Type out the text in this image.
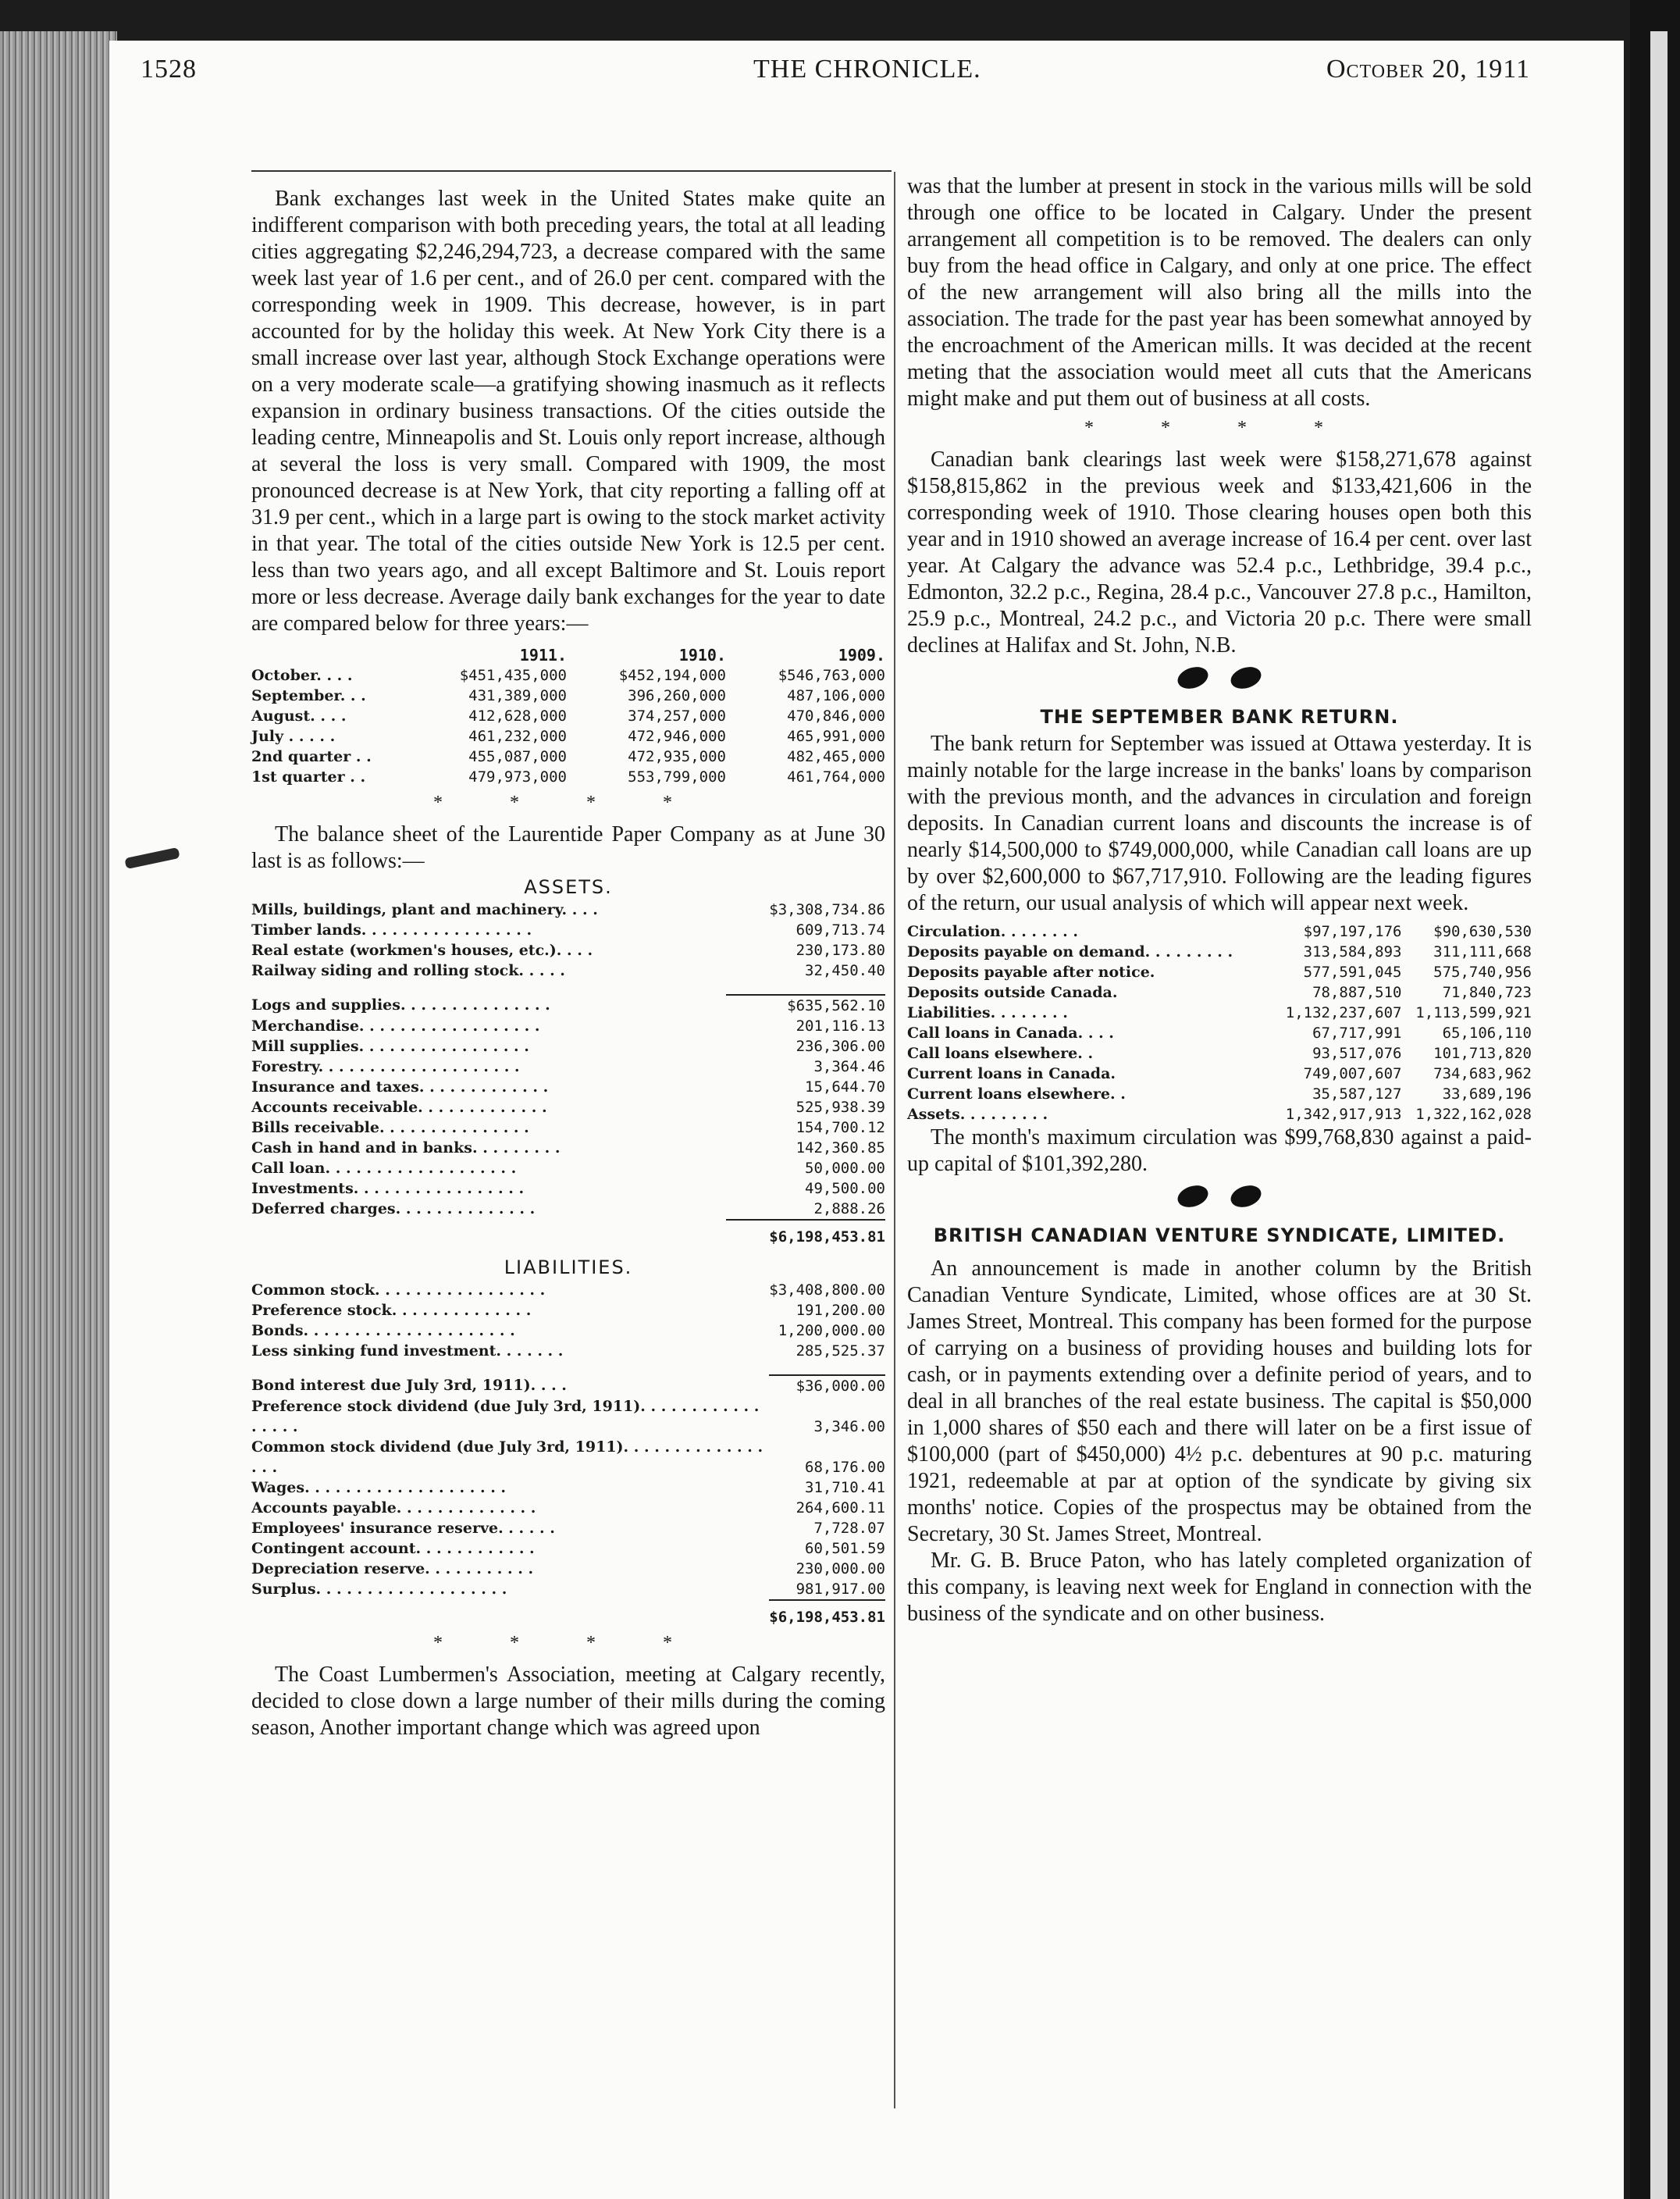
1528	THE CHRONICLE.	October 20, 1911

Bank exchanges last week in the United States make quite an indifferent comparison with both preceding years, the total at all leading cities aggregating $2,246,294,723, a decrease compared with the same week last year of 1.6 per cent., and of 26.0 per cent. compared with the corresponding week in 1909. This decrease, however, is in part accounted for by the holiday this week. At New York City there is a small increase over last year, although Stock Exchange operations were on a very moderate scale—a gratifying showing inasmuch as it reflects expansion in ordinary business transactions. Of the cities outside the leading centre, Minneapolis and St. Louis only report increase, although at several the loss is very small. Compared with 1909, the most pronounced decrease is at New York, that city reporting a falling off at 31.9 per cent., which in a large part is owing to the stock market activity in that year. The total of the cities outside New York is 12.5 per cent. less than two years ago, and all except Baltimore and St. Louis report more or less decrease. Average daily bank exchanges for the year to date are compared below for three years:—

	1911.	1910.	1909.
October. . . .	$451,435,000	$452,194,000	$546,763,000
September. . .	431,389,000	396,260,000	487,106,000
August. . . .	412,628,000	374,257,000	470,846,000
July . . . . .	461,232,000	472,946,000	465,991,000
2nd quarter . .	455,087,000	472,935,000	482,465,000
1st quarter . .	479,973,000	553,799,000	461,764,000
* * * *

The balance sheet of the Laurentide Paper Company as at June 30 last is as follows:—

ASSETS.
Mills, buildings, plant and machinery. . . .	$3,308,734.86
Timber lands. . . . . . . . . . . . . . . . .	609,713.74
Real estate (workmen's houses, etc.). . . .	230,173.80
Railway siding and rolling stock. . . . .	32,450.40

Logs and supplies. . . . . . . . . . . . . . .	$635,562.10
Merchandise. . . . . . . . . . . . . . . . . .	201,116.13
Mill supplies. . . . . . . . . . . . . . . . .	236,306.00
Forestry. . . . . . . . . . . . . . . . . . . .	3,364.46
Insurance and taxes. . . . . . . . . . . . .	15,644.70
Accounts receivable. . . . . . . . . . . . .	525,938.39
Bills receivable. . . . . . . . . . . . . . .	154,700.12
Cash in hand and in banks. . . . . . . . .	142,360.85
Call loan. . . . . . . . . . . . . . . . . . .	50,000.00
Investments. . . . . . . . . . . . . . . . .	49,500.00
Deferred charges. . . . . . . . . . . . . .	2,888.26
	$6,198,453.81
LIABILITIES.
Common stock. . . . . . . . . . . . . . . . .	$3,408,800.00
Preference stock. . . . . . . . . . . . . .	191,200.00
Bonds. . . . . . . . . . . . . . . . . . . . .	1,200,000.00
Less sinking fund investment. . . . . . .	285,525.37

Bond interest due July 3rd, 1911). . . .	$36,000.00
Preference stock dividend (due July 3rd, 1911). . . . . . . . . . . . . . . . .	3,346.00
Common stock dividend (due July 3rd, 1911). . . . . . . . . . . . . . . . .	68,176.00
Wages. . . . . . . . . . . . . . . . . . . .	31,710.41
Accounts payable. . . . . . . . . . . . . .	264,600.11
Employees' insurance reserve. . . . . .	7,728.07
Contingent account. . . . . . . . . . . .	60,501.59
Depreciation reserve. . . . . . . . . . .	230,000.00
Surplus. . . . . . . . . . . . . . . . . . .	981,917.00
	$6,198,453.81
* * * *

The Coast Lumbermen's Association, meeting at Calgary recently, decided to close down a large number of their mills during the coming season, Another important change which was agreed upon

was that the lumber at present in stock in the various mills will be sold through one office to be located in Calgary. Under the present arrangement all competition is to be removed. The dealers can only buy from the head office in Calgary, and only at one price. The effect of the new arrangement will also bring all the mills into the association. The trade for the past year has been somewhat annoyed by the encroachment of the American mills. It was decided at the recent meting that the association would meet all cuts that the Americans might make and put them out of business at all costs.

* * * *

Canadian bank clearings last week were $158,271,678 against $158,815,862 in the previous week and $133,421,606 in the corresponding week of 1910. Those clearing houses open both this year and in 1910 showed an average increase of 16.4 per cent. over last year. At Calgary the advance was 52.4 p.c., Lethbridge, 39.4 p.c., Edmonton, 32.2 p.c., Regina, 28.4 p.c., Vancouver 27.8 p.c., Hamilton, 25.9 p.c., Montreal, 24.2 p.c., and Victoria 20 p.c. There were small declines at Halifax and St. John, N.B.

THE SEPTEMBER BANK RETURN.

The bank return for September was issued at Ottawa yesterday. It is mainly notable for the large increase in the banks' loans by comparison with the previous month, and the advances in circulation and foreign deposits. In Canadian current loans and discounts the increase is of nearly $14,500,000 to $749,000,000, while Canadian call loans are up by over $2,600,000 to $67,717,910. Following are the leading figures of the return, our usual analysis of which will appear next week.

Circulation. . . . . . . .	$97,197,176	$90,630,530
Deposits payable on demand. . . . . . . . .	313,584,893	311,111,668
Deposits payable after notice.	577,591,045	575,740,956
Deposits outside Canada.	78,887,510	71,840,723
Liabilities. . . . . . . .	1,132,237,607	1,113,599,921
Call loans in Canada. . . .	67,717,991	65,106,110
Call loans elsewhere. .	93,517,076	101,713,820
Current loans in Canada.	749,007,607	734,683,962
Current loans elsewhere. .	35,587,127	33,689,196
Assets. . . . . . . . .	1,342,917,913	1,322,162,028

The month's maximum circulation was $99,768,830 against a paid-up capital of $101,392,280.

BRITISH CANADIAN VENTURE SYNDICATE, LIMITED.

An announcement is made in another column by the British Canadian Venture Syndicate, Limited, whose offices are at 30 St. James Street, Montreal. This company has been formed for the purpose of carrying on a business of providing houses and building lots for cash, or in payments extending over a definite period of years, and to deal in all branches of the real estate business. The capital is $50,000 in 1,000 shares of $50 each and there will later on be a first issue of $100,000 (part of $450,000) 4½ p.c. debentures at 90 p.c. maturing 1921, redeemable at par at option of the syndicate by giving six months' notice. Copies of the prospectus may be obtained from the Secretary, 30 St. James Street, Montreal.

Mr. G. B. Bruce Paton, who has lately completed organization of this company, is leaving next week for England in connection with the business of the syndicate and on other business.
